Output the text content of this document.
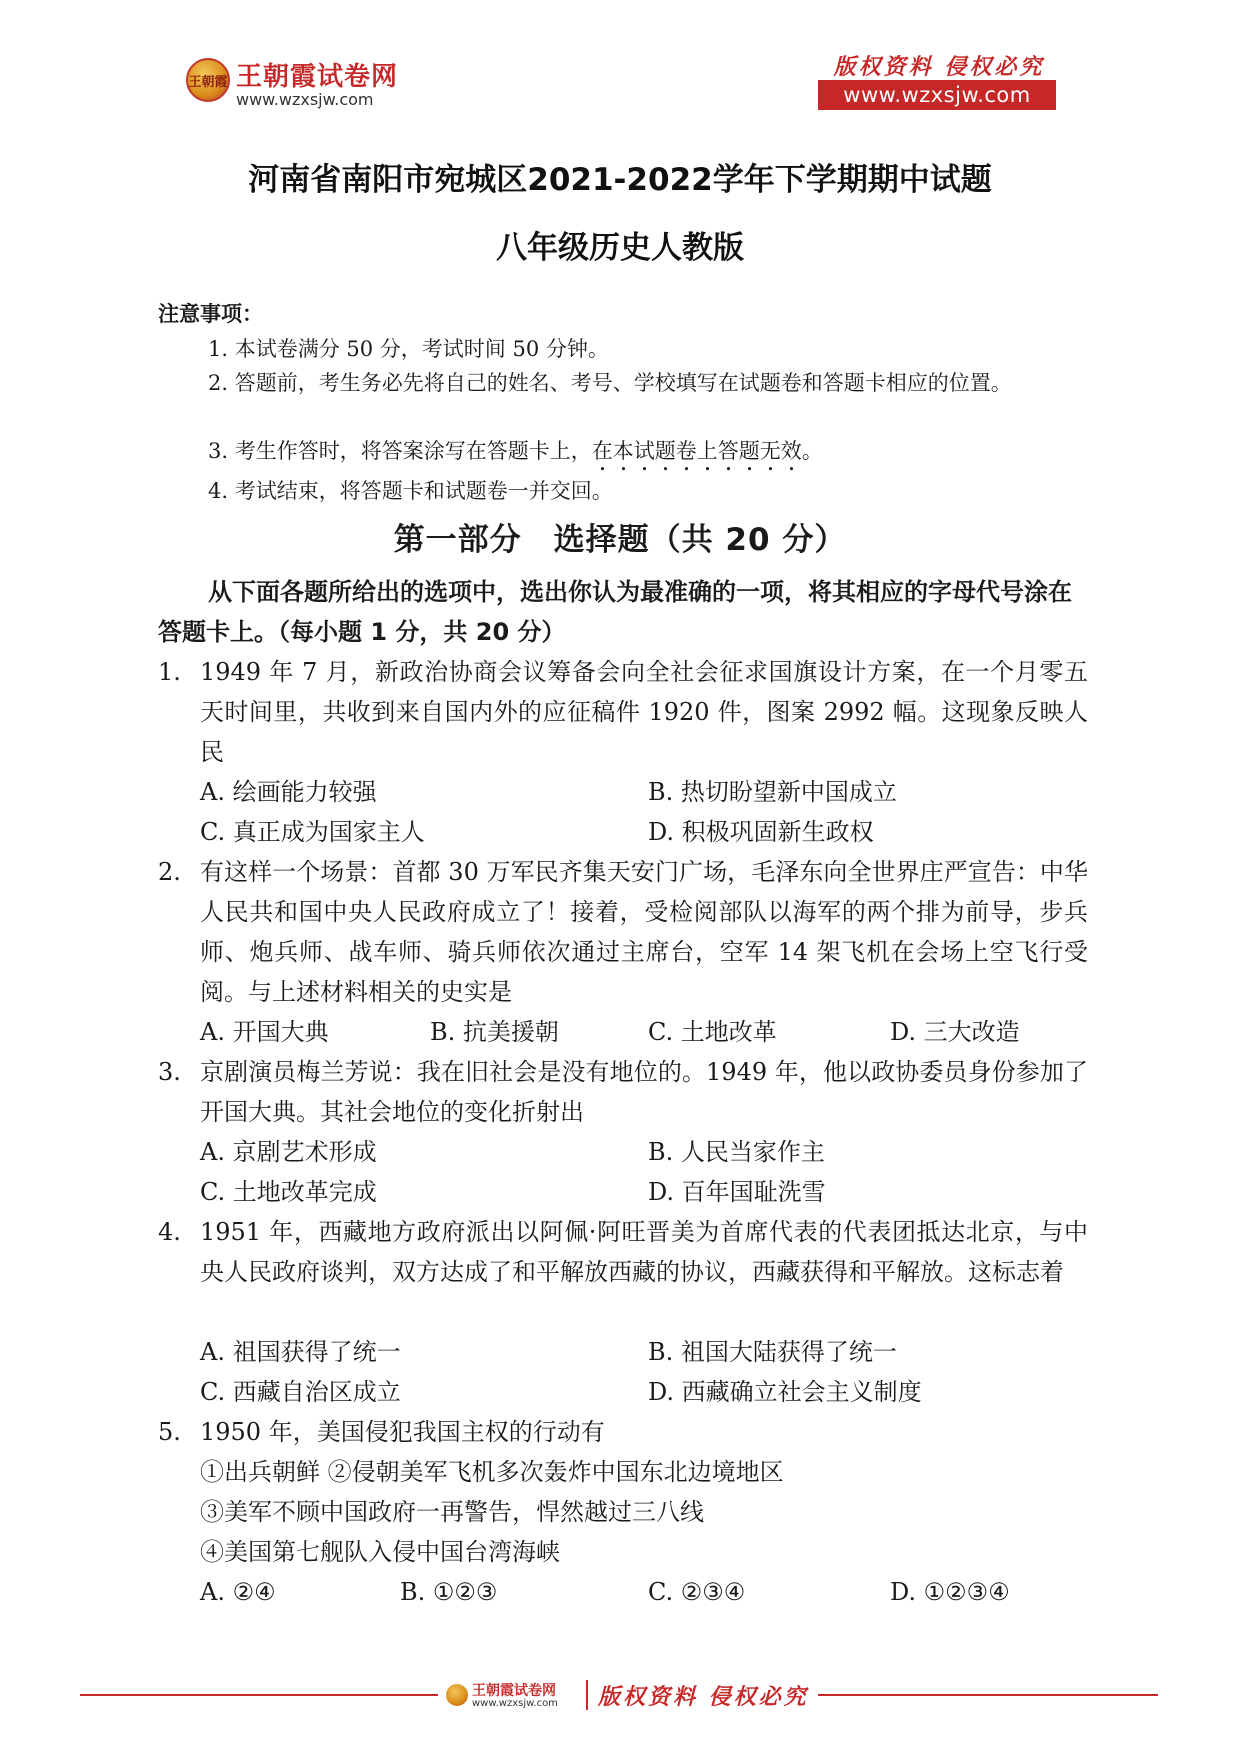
王朝霞 王朝霞试卷网
www.wzxsjw.com
版权资料 侵权必究
www.wzxsjw.com
河南省南阳市宛城区2021-2022学年下学期期中试题
八年级历史人教版
注意事项：
1. 本试卷满分 50 分，考试时间 50 分钟。
2. 答题前，考生务必先将自己的姓名、考号、学校填写在试题卷和答题卡相应的位置。
3. 考生作答时，将答案涂写在答题卡上，在本试题卷上答题无效。
4. 考试结束，将答题卡和试题卷一并交回。
第一部分　选择题（共 20 分）
从下面各题所给出的选项中，选出你认为最准确的一项，将其相应的字母代号涂在答题卡上。（每小题 1 分，共 20 分）
1. 1949 年 7 月，新政治协商会议筹备会向全社会征求国旗设计方案，在一个月零五天时间里，共收到来自国内外的应征稿件 1920 件，图案 2992 幅。这现象反映人民
A. 绘画能力较强	B. 热切盼望新中国成立
C. 真正成为国家主人	D. 积极巩固新生政权
2. 有这样一个场景：首都 30 万军民齐集天安门广场，毛泽东向全世界庄严宣告：中华人民共和国中央人民政府成立了！接着，受检阅部队以海军的两个排为前导，步兵师、炮兵师、战车师、骑兵师依次通过主席台，空军 14 架飞机在会场上空飞行受阅。与上述材料相关的史实是
A. 开国大典	B. 抗美援朝	C. 土地改革	D. 三大改造
3. 京剧演员梅兰芳说：我在旧社会是没有地位的。1949 年，他以政协委员身份参加了开国大典。其社会地位的变化折射出
A. 京剧艺术形成	B. 人民当家作主
C. 土地改革完成	D. 百年国耻洗雪
4. 1951 年，西藏地方政府派出以阿佩·阿旺晋美为首席代表的代表团抵达北京，与中央人民政府谈判，双方达成了和平解放西藏的协议，西藏获得和平解放。这标志着
A. 祖国获得了统一	B. 祖国大陆获得了统一
C. 西藏自治区成立	D. 西藏确立社会主义制度
5. 1950 年，美国侵犯我国主权的行动有
①出兵朝鲜 ②侵朝美军飞机多次轰炸中国东北边境地区
③美军不顾中国政府一再警告，悍然越过三八线
④美国第七舰队入侵中国台湾海峡
A. ②④	B. ①②③	C. ②③④	D. ①②③④
王朝霞试卷网
www.wzxsjw.com 版权资料 侵权必究
